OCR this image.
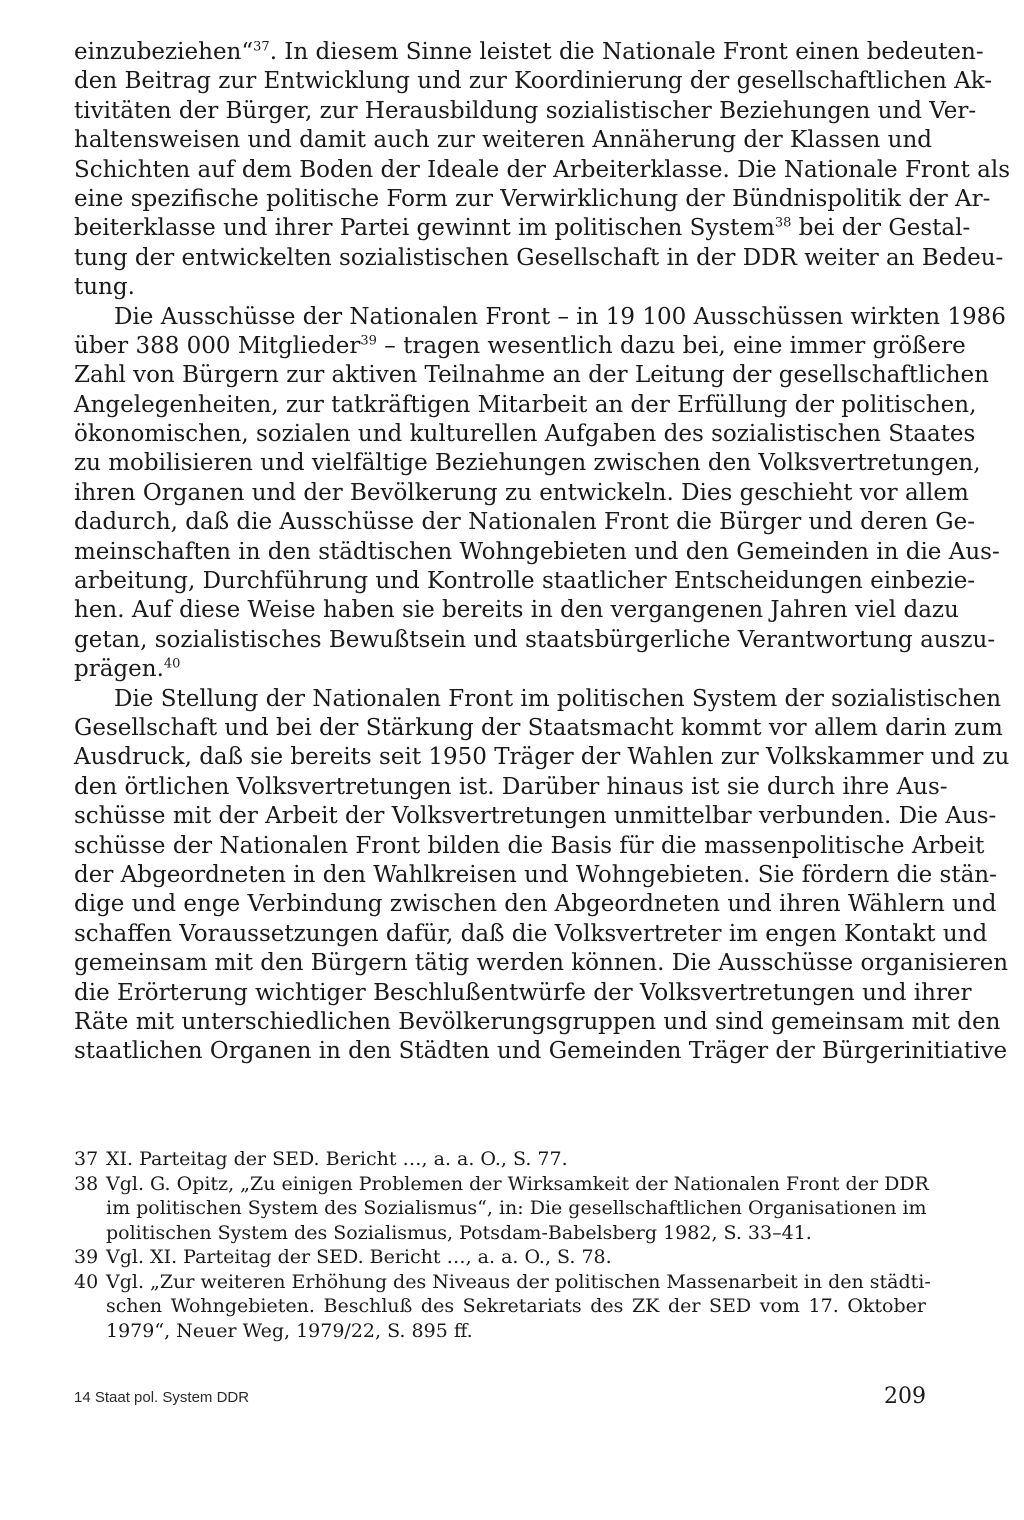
einzubeziehen“$^{37}$. In diesem Sinne leistet die Nationale Front einen bedeuten-
den Beitrag zur Entwicklung und zur Koordinierung der gesellschaftlichen Ak-
tivitäten der Bürger, zur Herausbildung sozialistischer Beziehungen und Ver-
haltensweisen und damit auch zur weiteren Annäherung der Klassen und
Schichten auf dem Boden der Ideale der Arbeiterklasse. Die Nationale Front als
eine spezifische politische Form zur Verwirklichung der Bündnispolitik der Ar-
beiterklasse und ihrer Partei gewinnt im politischen System$^{38}$ bei der Gestal-
tung der entwickelten sozialistischen Gesellschaft in der DDR weiter an Bedeu-
tung.
Die Ausschüsse der Nationalen Front – in 19 100 Ausschüssen wirkten 1986
über 388 000 Mitglieder$^{39}$ – tragen wesentlich dazu bei, eine immer größere
Zahl von Bürgern zur aktiven Teilnahme an der Leitung der gesellschaftlichen
Angelegenheiten, zur tatkräftigen Mitarbeit an der Erfüllung der politischen,
ökonomischen, sozialen und kulturellen Aufgaben des sozialistischen Staates
zu mobilisieren und vielfältige Beziehungen zwischen den Volksvertretungen,
ihren Organen und der Bevölkerung zu entwickeln. Dies geschieht vor allem
dadurch, daß die Ausschüsse der Nationalen Front die Bürger und deren Ge-
meinschaften in den städtischen Wohngebieten und den Gemeinden in die Aus-
arbeitung, Durchführung und Kontrolle staatlicher Entscheidungen einbezie-
hen. Auf diese Weise haben sie bereits in den vergangenen Jahren viel dazu
getan, sozialistisches Bewußtsein und staatsbürgerliche Verantwortung auszu-
prägen.$^{40}$
Die Stellung der Nationalen Front im politischen System der sozialistischen
Gesellschaft und bei der Stärkung der Staatsmacht kommt vor allem darin zum
Ausdruck, daß sie bereits seit 1950 Träger der Wahlen zur Volkskammer und zu
den örtlichen Volksvertretungen ist. Darüber hinaus ist sie durch ihre Aus-
schüsse mit der Arbeit der Volksvertretungen unmittelbar verbunden. Die Aus-
schüsse der Nationalen Front bilden die Basis für die massenpolitische Arbeit
der Abgeordneten in den Wahlkreisen und Wohngebieten. Sie fördern die stän-
dige und enge Verbindung zwischen den Abgeordneten und ihren Wählern und
schaffen Voraussetzungen dafür, daß die Volksvertreter im engen Kontakt und
gemeinsam mit den Bürgern tätig werden können. Die Ausschüsse organisieren
die Erörterung wichtiger Beschlußentwürfe der Volksvertretungen und ihrer
Räte mit unterschiedlichen Bevölkerungsgruppen und sind gemeinsam mit den
staatlichen Organen in den Städten und Gemeinden Träger der Bürgerinitiative
37 XI. Parteitag der SED. Bericht …, a. a. O., S. 77.
38 Vgl. G. Opitz, „Zu einigen Problemen der Wirksamkeit der Nationalen Front der DDR
im politischen System des Sozialismus“, in: Die gesellschaftlichen Organisationen im
politischen System des Sozialismus, Potsdam-Babelsberg 1982, S. 33–41.
39 Vgl. XI. Parteitag der SED. Bericht …, a. a. O., S. 78.
40 Vgl. „Zur weiteren Erhöhung des Niveaus der politischen Massenarbeit in den städti-
schen Wohngebieten. Beschluß des Sekretariats des ZK der SED vom 17. Oktober
1979“, Neuer Weg, 1979/22, S. 895 ff.
14 Staat pol. System DDR	209
